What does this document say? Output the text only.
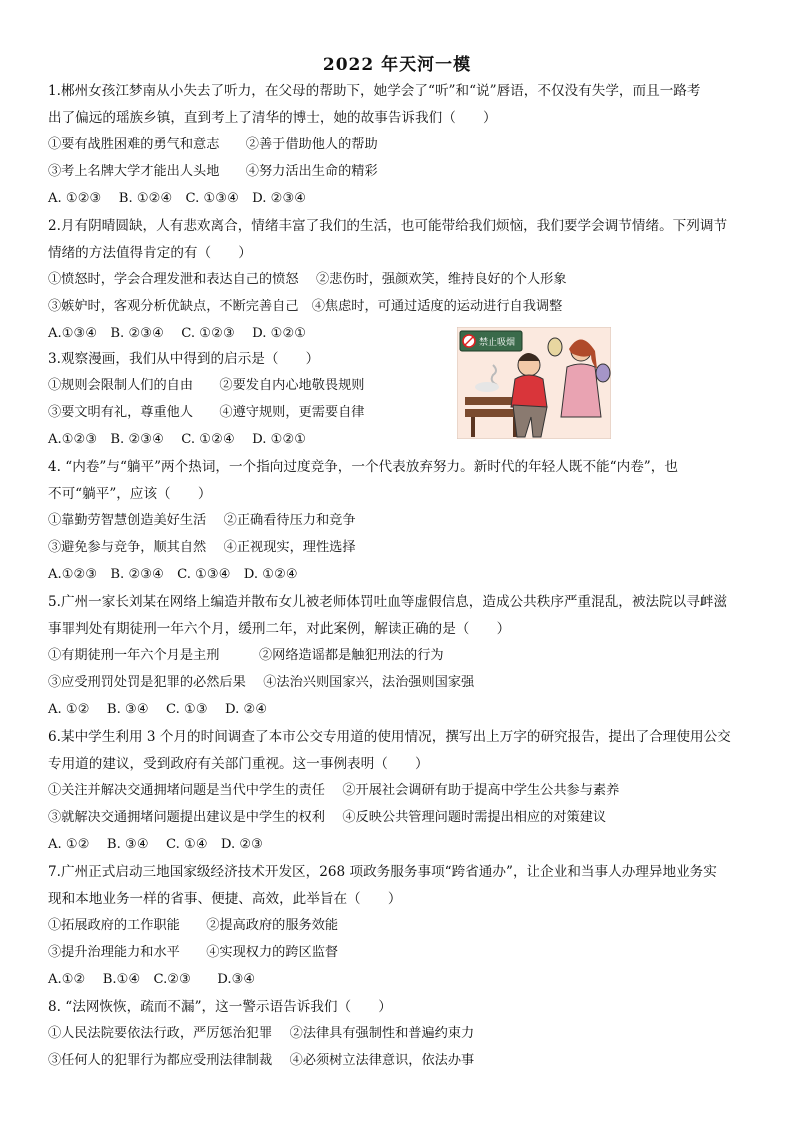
2022 年天河一模
1.郴州女孩江梦南从小失去了听力，在父母的帮助下，她学会了“听”和“说”唇语，不仅没有失学，而且一路考
出了偏远的瑶族乡镇，直到考上了清华的博士，她的故事告诉我们（　　）
①要有战胜困难的勇气和意志　　②善于借助他人的帮助
③考上名牌大学才能出人头地　　④努力活出生命的精彩
A. ①②③　 B. ①②④　C. ①③④　D. ②③④
2.月有阴晴圆缺，人有悲欢离合，情绪丰富了我们的生活，也可能带给我们烦恼，我们要学会调节情绪。下列调节
情绪的方法值得肯定的有（　　）
①愤怒时，学会合理发泄和表达自己的愤怒　 ②悲伤时，强颜欢笑，维持良好的个人形象
③嫉妒时，客观分析优缺点，不断完善自己　④焦虑时，可通过适度的运动进行自我调整
A.①③④　B. ②③④　 C. ①②③　 D. ①②①
3.观察漫画，我们从中得到的启示是（　　）
①规则会限制人们的自由　　②要发自内心地敬畏规则
③要文明有礼，尊重他人　　④遵守规则，更需要自律
A.①②③　B. ②③④　 C. ①②④　 D. ①②①
禁止吸烟
4. “内卷”与“躺平”两个热词，一个指向过度竞争，一个代表放弃努力。新时代的年轻人既不能“内卷”，也
不可“躺平”，应该（　　）
①靠勤劳智慧创造美好生活　 ②正确看待压力和竞争
③避免参与竞争，顺其自然　 ④正视现实，理性选择
A.①②③　B. ②③④　C. ①③④　D. ①②④
5.广州一家长刘某在网络上编造并散布女儿被老师体罚吐血等虚假信息，造成公共秩序严重混乱，被法院以寻衅滋
事罪判处有期徒刑一年六个月，缓刑二年，对此案例，解读正确的是（　　）
①有期徒刑一年六个月是主刑　　　②网络造谣都是触犯刑法的行为
③应受刑罚处罚是犯罪的必然后果　 ④法治兴则国家兴，法治强则国家强
A. ①②　 B. ③④　 C. ①③　 D. ②④
6.某中学生利用 3 个月的时间调查了本市公交专用道的使用情况，撰写出上万字的研究报告，提出了合理使用公交
专用道的建议，受到政府有关部门重视。这一事例表明（　　）
①关注并解决交通拥堵问题是当代中学生的责任　 ②开展社会调研有助于提高中学生公共参与素养
③就解决交通拥堵问题提出建议是中学生的权利　 ④反映公共管理问题时需提出相应的对策建议
A. ①②　 B. ③④　 C. ①④　D. ②③
7.广州正式启动三地国家级经济技术开发区，268 项政务服务事项“跨省通办”，让企业和当事人办理异地业务实
现和本地业务一样的省事、便捷、高效，此举旨在（　　）
①拓展政府的工作职能　　②提高政府的服务效能
③提升治理能力和水平　　④实现权力的跨区监督
A.①②　 B.①④　C.②③　　D.③④
8. “法网恢恢，疏而不漏”，这一警示语告诉我们（　　）
①人民法院要依法行政，严厉惩治犯罪　 ②法律具有强制性和普遍约束力
③任何人的犯罪行为都应受刑法律制裁　 ④必须树立法律意识，依法办事
